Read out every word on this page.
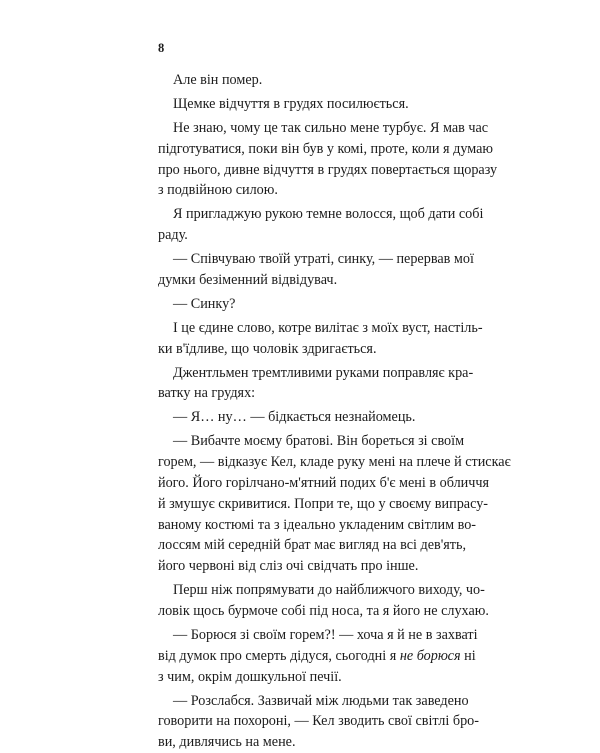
8
Але він помер.
Щемке відчуття в грудях посилюється.
Не знаю, чому це так сильно мене турбує. Я мав час
підготуватися, поки він був у комі, проте, коли я думаю
про нього, дивне відчуття в грудях повертається щоразу
з подвійною силою.
Я пригладжую рукою темне волосся, щоб дати собі
раду.
— Співчуваю твоїй утраті, синку, — перервав мої
думки безіменний відвідувач.
— Синку?
І це єдине слово, котре вилітає з моїх вуст, настіль-
ки в'їдливе, що чоловік здригається.
Джентльмен тремтливими руками поправляє кра-
ватку на грудях:
— Я… ну… — бідкається незнайомець.
— Вибачте моєму братові. Він бореться зі своїм
горем, — відказує Кел, кладе руку мені на плече й стискає
його. Його горілчано-м'ятний подих б'є мені в обличчя
й змушує скривитися. Попри те, що у своєму випрасу-
ваному костюмі та з ідеально укладеним світлим во-
лоссям мій середній брат має вигляд на всі дев'ять,
його червоні від сліз очі свідчать про інше.
Перш ніж попрямувати до найближчого виходу, чо-
ловік щось бурмоче собі під носа, та я його не слухаю.
— Борюся зі своїм горем?! — хоча я й не в захваті
від думок про смерть дідуся, сьогодні я не борюся ні
з чим, окрім дошкульної печії.
— Розслабся. Зазвичай між людьми так заведено
говорити на похороні, — Кел зводить свої світлі бро-
ви, дивлячись на мене.
